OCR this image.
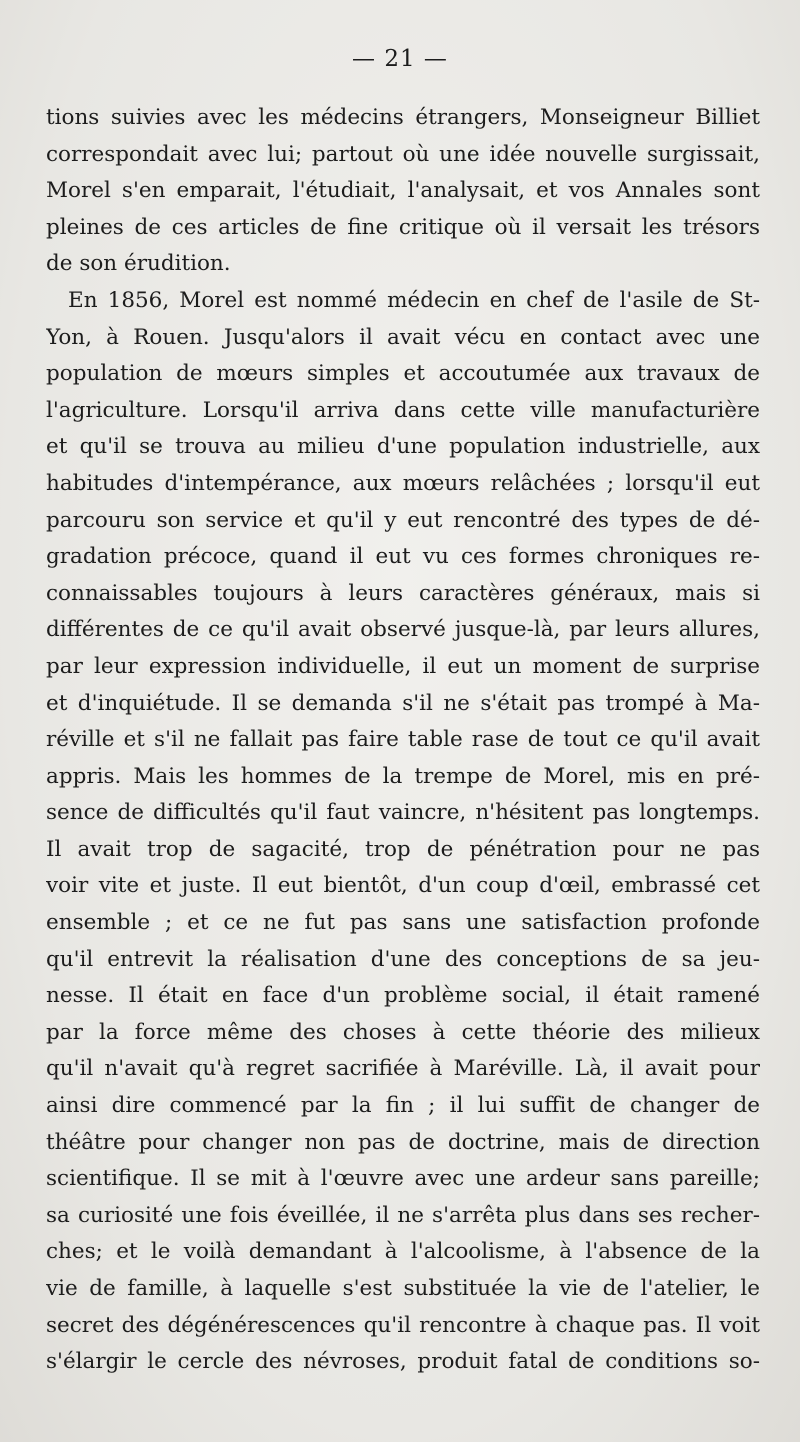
— 21 —
tions suivies avec les médecins étrangers, Monseigneur Billiet
correspondait avec lui; partout où une idée nouvelle surgissait,
Morel s'en emparait, l'étudiait, l'analysait, et vos Annales sont
pleines de ces articles de fine critique où il versait les trésors
de son érudition.
En 1856, Morel est nommé médecin en chef de l'asile de St-
Yon, à Rouen. Jusqu'alors il avait vécu en contact avec une
population de mœurs simples et accoutumée aux travaux de
l'agriculture. Lorsqu'il arriva dans cette ville manufacturière
et qu'il se trouva au milieu d'une population industrielle, aux
habitudes d'intempérance, aux mœurs relâchées ; lorsqu'il eut
parcouru son service et qu'il y eut rencontré des types de dé-
gradation précoce, quand il eut vu ces formes chroniques re-
connaissables toujours à leurs caractères généraux, mais si
différentes de ce qu'il avait observé jusque-là, par leurs allures,
par leur expression individuelle, il eut un moment de surprise
et d'inquiétude. Il se demanda s'il ne s'était pas trompé à Ma-
réville et s'il ne fallait pas faire table rase de tout ce qu'il avait
appris. Mais les hommes de la trempe de Morel, mis en pré-
sence de difficultés qu'il faut vaincre, n'hésitent pas longtemps.
Il avait trop de sagacité, trop de pénétration pour ne pas
voir vite et juste. Il eut bientôt, d'un coup d'œil, embrassé cet
ensemble ; et ce ne fut pas sans une satisfaction profonde
qu'il entrevit la réalisation d'une des conceptions de sa jeu-
nesse. Il était en face d'un problème social, il était ramené
par la force même des choses à cette théorie des milieux
qu'il n'avait qu'à regret sacrifiée à Maréville. Là, il avait pour
ainsi dire commencé par la fin ; il lui suffit de changer de
théâtre pour changer non pas de doctrine, mais de direction
scientifique. Il se mit à l'œuvre avec une ardeur sans pareille;
sa curiosité une fois éveillée, il ne s'arrêta plus dans ses recher-
ches; et le voilà demandant à l'alcoolisme, à l'absence de la
vie de famille, à laquelle s'est substituée la vie de l'atelier, le
secret des dégénérescences qu'il rencontre à chaque pas. Il voit
s'élargir le cercle des névroses, produit fatal de conditions so-
